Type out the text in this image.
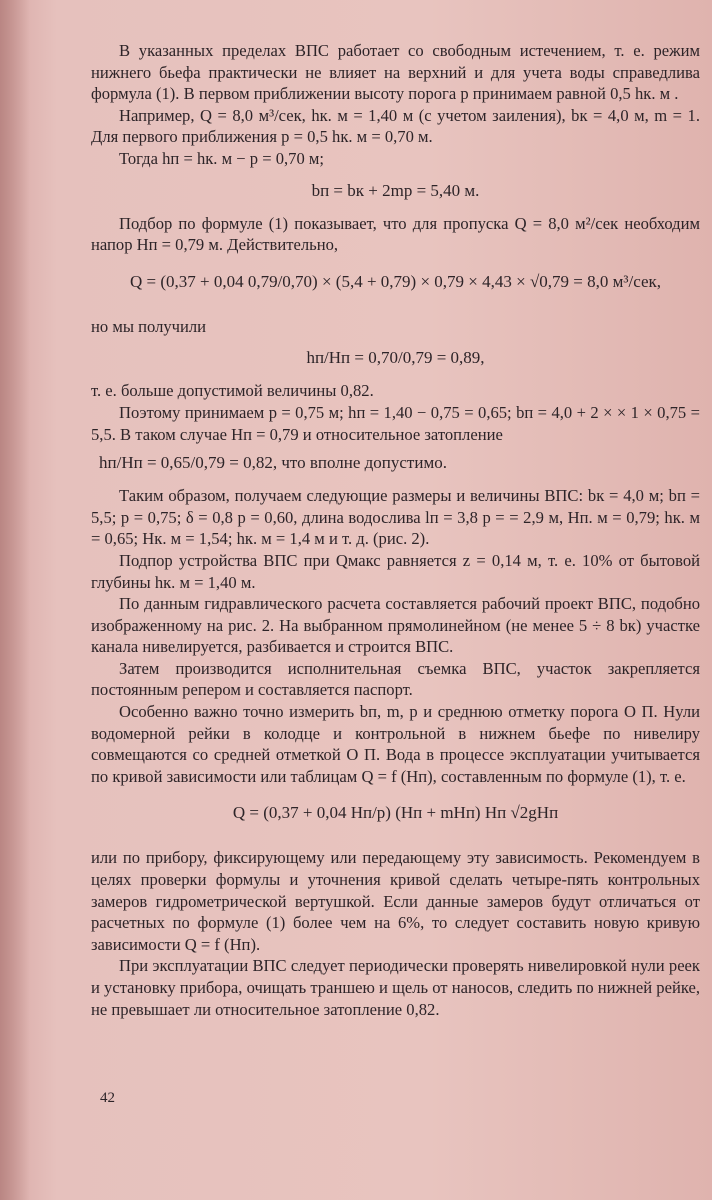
В указанных пределах ВПС работает со свободным истечением, т. е. режим нижнего бьефа практически не влияет на верхний и для учета воды справедлива формула (1). В первом приближении высоту порога p принимаем равной 0,5 hк. м .

Например, Q = 8,0 м³/сек, hк. м = 1,40 м (с учетом заиления), bк = 4,0 м, m = 1. Для первого приближения p = 0,5 hк. м = 0,70 м.

Тогда hп = hк. м − p = 0,70 м;

bп = bк + 2mp = 5,40 м.

Подбор по формуле (1) показывает, что для пропуска Q = 8,0 м²/сек необходим напор Hп = 0,79 м. Действительно,

Q = (0,37 + 0,04 0,79/0,70) × (5,4 + 0,79) × 0,79 × 4,43 × √0,79 = 8,0 м³/сек,

но мы получили

hп/Hп = 0,70/0,79 = 0,89,

т. е. больше допустимой величины 0,82.

Поэтому принимаем p = 0,75 м; hп = 1,40 − 0,75 = 0,65; bп = 4,0 + 2 × × 1 × 0,75 = 5,5. В таком случае Hп = 0,79 и относительное затопление

hп/Hп = 0,65/0,79 = 0,82, что вполне допустимо.

Таким образом, получаем следующие размеры и величины ВПС: bк = 4,0 м; bп = 5,5; p = 0,75; δ = 0,8 p = 0,60, длина водослива lп = 3,8 p = = 2,9 м, Hп. м = 0,79; hк. м = 0,65; Hк. м = 1,54; hк. м = 1,4 м и т. д. (рис. 2).

Подпор устройства ВПС при Qмакс равняется z = 0,14 м, т. е. 10% от бытовой глубины hк. м = 1,40 м.

По данным гидравлического расчета составляется рабочий проект ВПС, подобно изображенному на рис. 2. На выбранном прямолинейном (не менее 5 ÷ 8 bк) участке канала нивелируется, разбивается и строится ВПС.

Затем производится исполнительная съемка ВПС, участок закрепляется постоянным репером и составляется паспорт.

Особенно важно точно измерить bп, m, p и среднюю отметку порога О П. Нули водомерной рейки в колодце и контрольной в нижнем бьефе по нивелиру совмещаются со средней отметкой О П. Вода в процессе эксплуатации учитывается по кривой зависимости или таблицам Q = f (Hп), составленным по формуле (1), т. е.

Q = (0,37 + 0,04 Hп/p) (Hп + mHп) Hп √2gHп

или по прибору, фиксирующему или передающему эту зависимость. Рекомендуем в целях проверки формулы и уточнения кривой сделать четыре-пять контрольных замеров гидрометрической вертушкой. Если данные замеров будут отличаться от расчетных по формуле (1) более чем на 6%, то следует составить новую кривую зависимости Q = f (Hп).

При эксплуатации ВПС следует периодически проверять нивелировкой нули реек и установку прибора, очищать траншею и щель от наносов, следить по нижней рейке, не превышает ли относительное затопление 0,82.

42
